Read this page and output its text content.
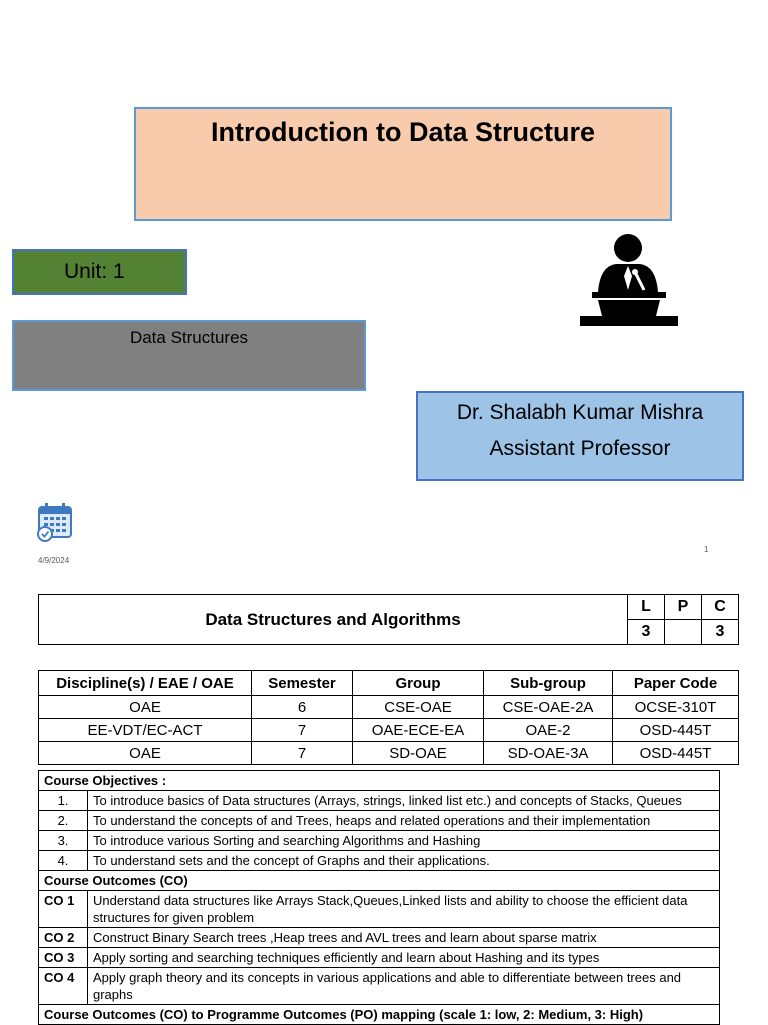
Introduction to Data Structure
Unit: 1
Data Structures
Dr. Shalabh Kumar Mishra
Assistant Professor
4/9/2024
1
Data Structures and Algorithms	L	P	C
	3		3
Discipline(s) / EAE / OAE	Semester	Group	Sub-group	Paper Code
OAE	6	CSE-OAE	CSE-OAE-2A	OCSE-310T
EE-VDT/EC-ACT	7	OAE-ECE-EA	OAE-2	OSD-445T
OAE	7	SD-OAE	SD-OAE-3A	OSD-445T
Course Objectives :	
1.	To introduce basics of Data structures (Arrays, strings, linked list etc.) and concepts of Stacks, Queues
2.	To understand the concepts of and Trees, heaps and related operations and their implementation
3.	To introduce various Sorting and searching Algorithms and Hashing
4.	To understand sets and the concept of Graphs and their applications.
Course Outcomes (CO)	
CO 1	Understand data structures like Arrays Stack,Queues,Linked lists and ability to choose the efficient data structures for given problem
CO 2	Construct Binary Search trees ,Heap trees and AVL trees and learn about sparse matrix
CO 3	Apply sorting and searching techniques efficiently and learn about Hashing and its types
CO 4	Apply graph theory and its concepts in various applications and able to differentiate between trees and graphs
Course Outcomes (CO) to Programme Outcomes (PO) mapping (scale 1: low, 2: Medium, 3: High)	
